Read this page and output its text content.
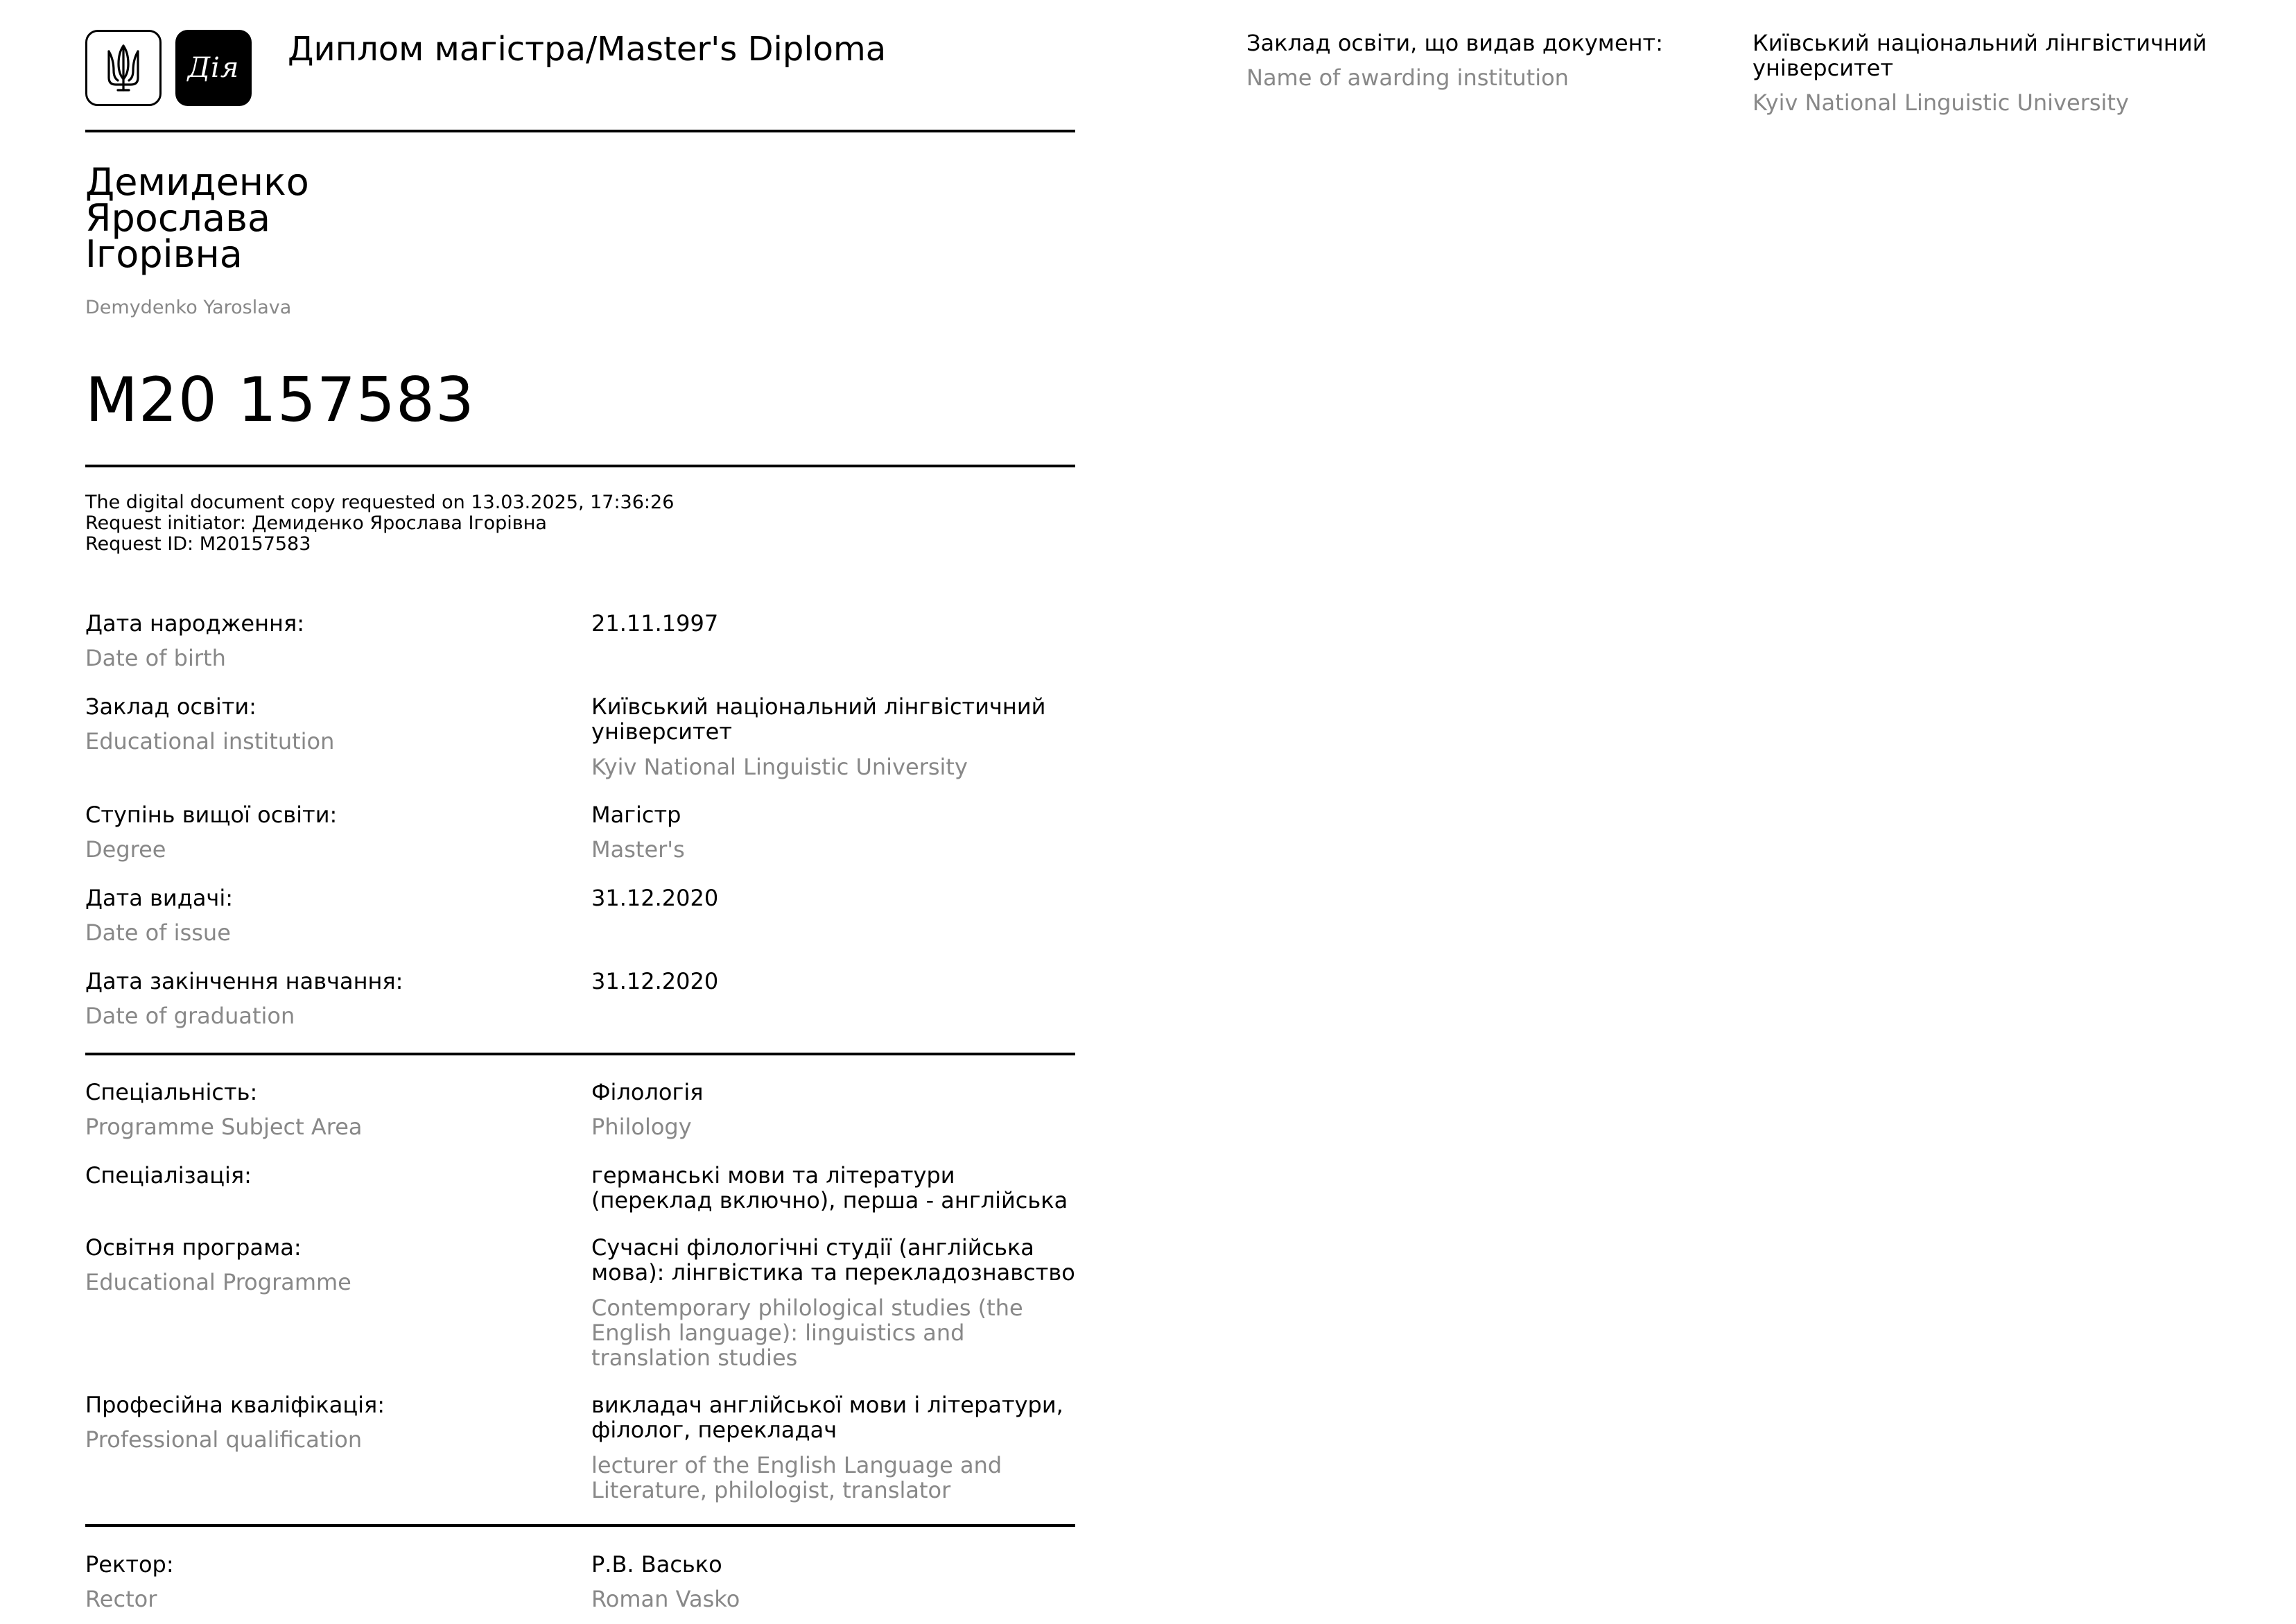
Дія	Диплом магістра/Master's Diploma
Демиденко
Ярослава
Ігорівна
Demydenko Yaroslava
М20 157583
The digital document copy requested on 13.03.2025, 17:36:26
Request initiator: Демиденко Ярослава Ігорівна
Request ID: M20157583
Дата народження:
Date of birth
21.11.1997
Заклад освіти:
Educational institution
Київський національний лінгвістичний
університет
Kyiv National Linguistic University
Ступінь вищої освіти:
Degree
Магістр
Master's
Дата видачі:
Date of issue
31.12.2020
Дата закінчення навчання:
Date of graduation
31.12.2020
Спеціальність:
Programme Subject Area
Філологія
Philology
Спеціалізація:	германські мови та літератури
(переклад включно), перша - англійська
Освітня програма:
Educational Programme
Сучасні філологічні студії (англійська
мова): лінгвістика та перекладознавство
Contemporary philological studies (the
English language): linguistics and
translation studies
Професійна кваліфікація:
Professional qualification
викладач англійської мови і літератури,
філолог, перекладач
lecturer of the English Language and
Literature, philologist, translator
Ректор:
Rector
Р.В. Васько
Roman Vasko
Заклад освіти, що видав документ:
Name of awarding institution
Київський національний лінгвістичний
університет
Kyiv National Linguistic University
